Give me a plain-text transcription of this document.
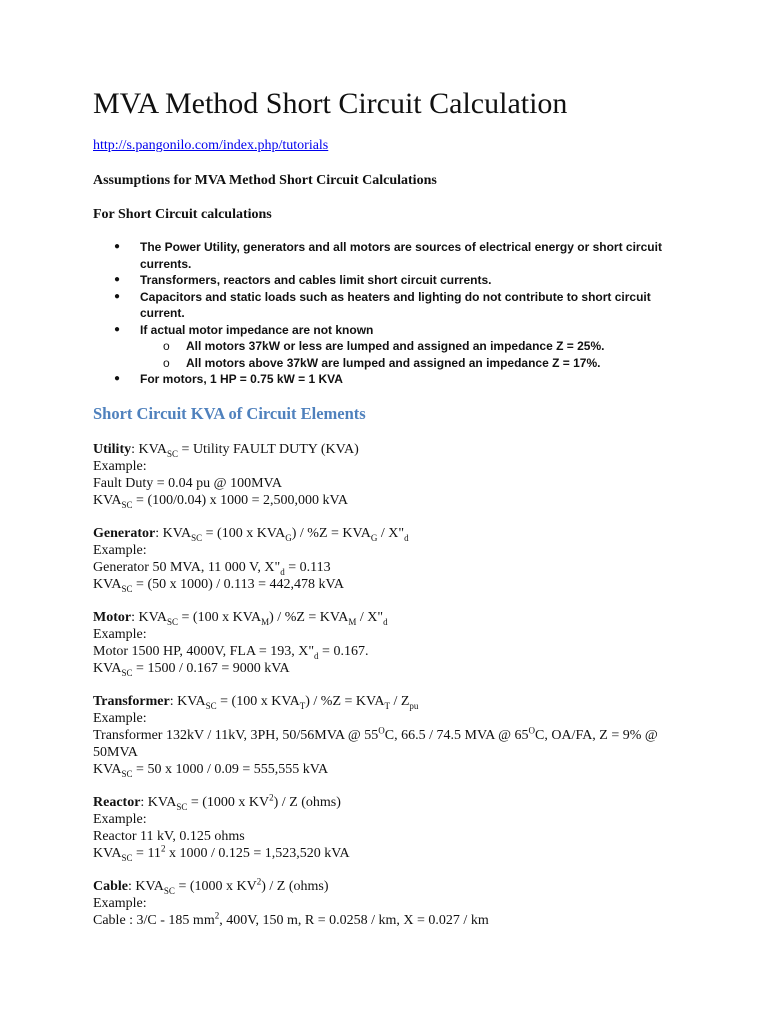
MVA Method Short Circuit Calculation
http://s.pangonilo.com/index.php/tutorials

Assumptions for MVA Method Short Circuit Calculations

For Short Circuit calculations

● The Power Utility, generators and all motors are sources of electrical energy or short circuit currents.

● Transformers, reactors and cables limit short circuit currents.

● Capacitors and static loads such as heaters and lighting do not contribute to short circuit current.

● If actual motor impedance are not known

o All motors 37kW or less are lumped and assigned an impedance Z = 25%.

o All motors above 37kW are lumped and assigned an impedance Z = 17%.

● For motors, 1 HP = 0.75 kW = 1 KVA

Short Circuit KVA of Circuit Elements
Utility: $KVA_{SC}$ = Utility FAULT DUTY (KVA)
Example:
Fault Duty = 0.04 pu @ 100MVA
$KVA_{SC} = (100/0.04)$ x 1000 = 2,500,000 kVA
Generator: $KVA_{SC} = (100$ x $KVA_G) / \%Z = KVA_G$ / $X"_d$
Example:
Generator 50 MVA, 11 000 V, $X"_d = 0.113$
$KVA_{SC} = (50$ x 1000) / 0.113 = 442,478 kVA
Motor: $KVA_{SC} = (100$ x $KVA_M) / \%Z = KVA_M$ / $X"_d$
Example:
Motor 1500 HP, 4000V, FLA = 193, $X"_d = 0.167$.
$KVA_{SC} = 1500 / 0.167 = 9000$ kVA
Transformer: $KVA_{SC} = (100$ x $KVA_T) / \%Z = KVA_T / Z_{pu}$
Example:
Transformer 132kV / 11kV, 3PH, 50/56MVA @ $55^OC$, 66.5 / 74.5 MVA @ $65^OC$, OA/FA, Z = 9% @ 50MVA
$KVA_{SC} = 50$ x 1000 / 0.09 = 555,555 kVA
Reactor: $KVA_{SC} = (1000$ x $KV^2$) / Z (ohms)
Example:
Reactor 11 kV, 0.125 ohms
$KVA_{SC} = 11^2$ x 1000 / 0.125 = 1,523,520 kVA
Cable: $KVA_{SC} = (1000$ x $KV^2$) / Z (ohms)
Example:
Cable : 3/C - 185 $mm^2$, 400V, 150 m, R = 0.0258 / km, X = 0.027 / km
